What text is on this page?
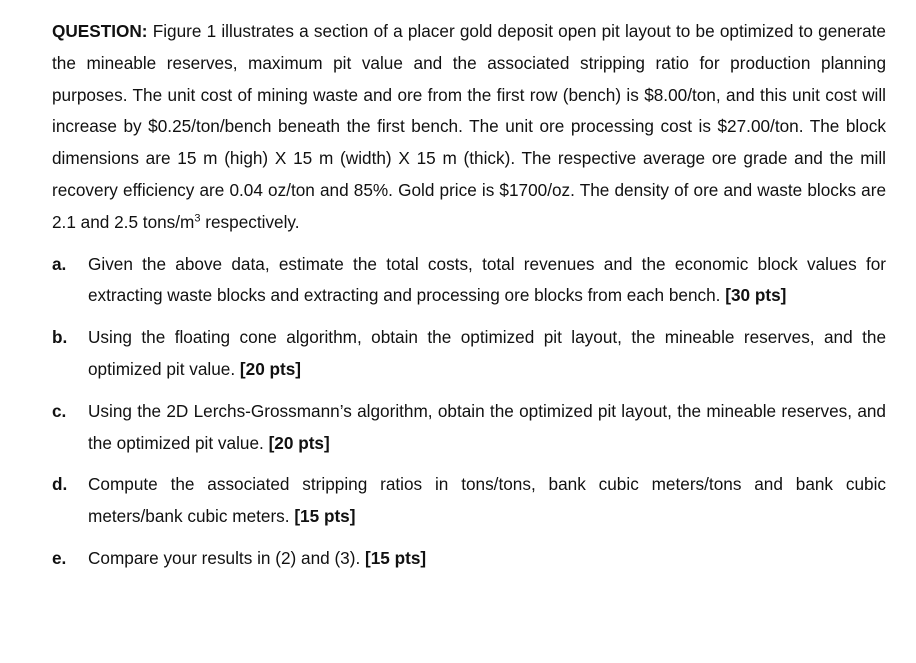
QUESTION: Figure 1 illustrates a section of a placer gold deposit open pit layout to be optimized to generate the mineable reserves, maximum pit value and the associated stripping ratio for production planning purposes. The unit cost of mining waste and ore from the first row (bench) is $8.00/ton, and this unit cost will increase by $0.25/ton/bench beneath the first bench. The unit ore processing cost is $27.00/ton. The block dimensions are 15 m (high) X 15 m (width) X 15 m (thick). The respective average ore grade and the mill recovery efficiency are 0.04 oz/ton and 85%. Gold price is $1700/oz. The density of ore and waste blocks are 2.1 and 2.5 tons/$m^3$ respectively.

a. Given the above data, estimate the total costs, total revenues and the economic block values for extracting waste blocks and extracting and processing ore blocks from each bench. [30 pts]
b. Using the floating cone algorithm, obtain the optimized pit layout, the mineable reserves, and the optimized pit value. [20 pts]
c. Using the 2D Lerchs-Grossmann’s algorithm, obtain the optimized pit layout, the mineable reserves, and the optimized pit value. [20 pts]
d. Compute the associated stripping ratios in tons/tons, bank cubic meters/tons and bank cubic meters/bank cubic meters. [15 pts]
e. Compare your results in (2) and (3). [15 pts]
